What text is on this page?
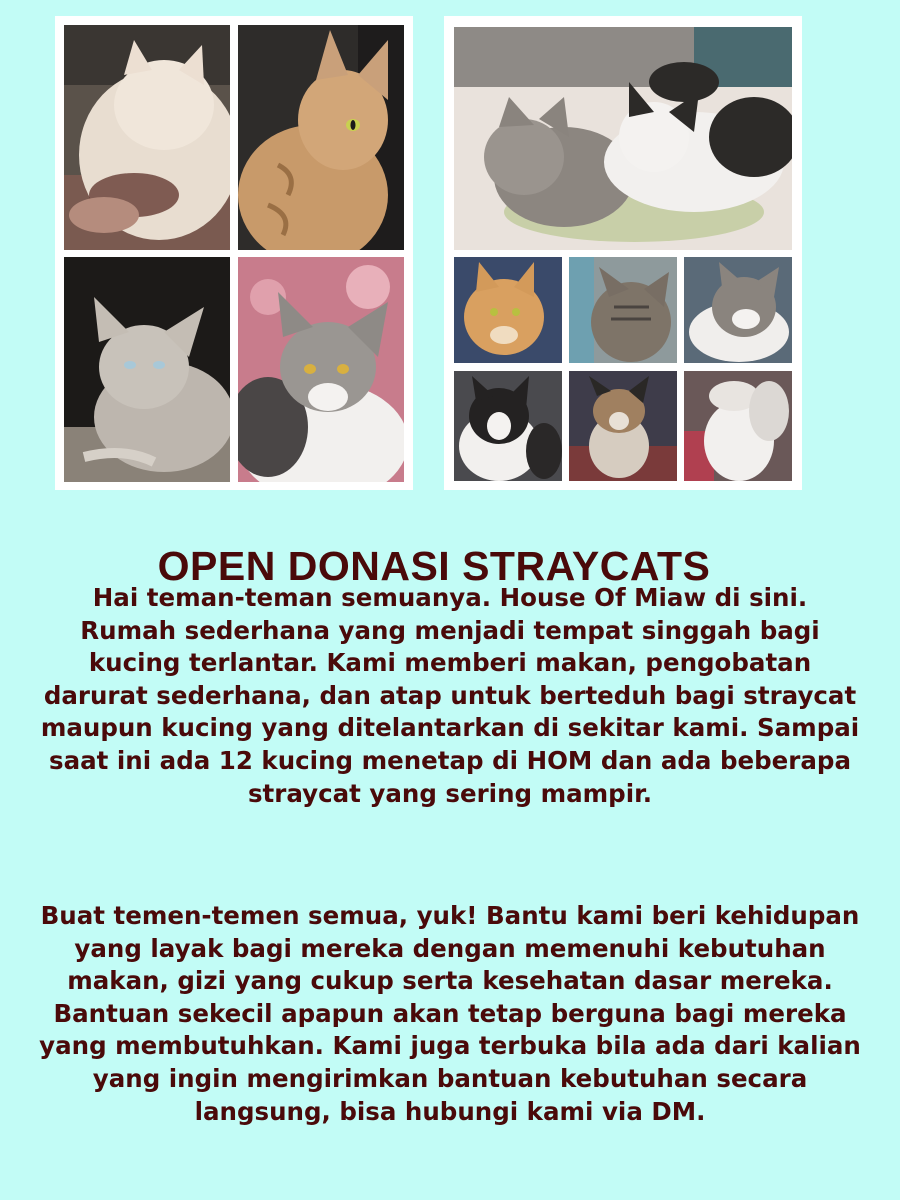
OPEN DONASI STRAYCATS

Hai teman-teman semuanya. House Of Miaw di sini.
Rumah sederhana yang menjadi tempat singgah bagi
kucing terlantar. Kami memberi makan, pengobatan
darurat sederhana, dan atap untuk berteduh bagi straycat
maupun kucing yang ditelantarkan di sekitar kami. Sampai
saat ini ada 12 kucing menetap di HOM dan ada beberapa
straycat yang sering mampir.

Buat temen-temen semua, yuk! Bantu kami beri kehidupan
yang layak bagi mereka dengan memenuhi kebutuhan
makan, gizi yang cukup serta kesehatan dasar mereka.
Bantuan sekecil apapun akan tetap berguna bagi mereka
yang membutuhkan. Kami juga terbuka bila ada dari kalian
yang ingin mengirimkan bantuan kebutuhan secara
langsung, bisa hubungi kami via DM.
